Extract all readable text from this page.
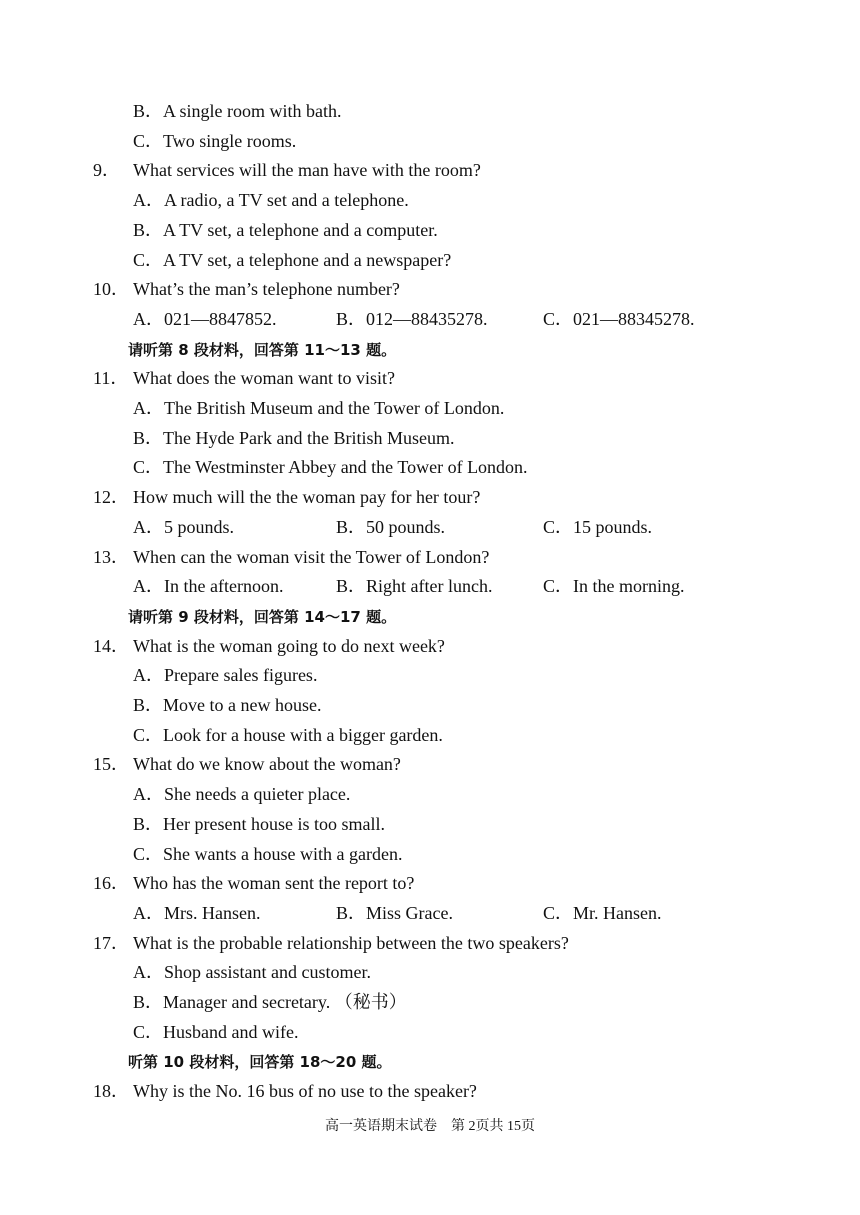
B．A single room with bath.
C．Two single rooms.
9． What services will the man have with the room?
A．A radio, a TV set and a telephone.
B．A TV set, a telephone and a computer.
C．A TV set, a telephone and a newspaper?
10． What’s the man’s telephone number?
A．021—8847852.	B．012—88435278.	C．021—88345278.
请听第 8 段材料，回答第 11～13 题。
11． What does the woman want to visit?
A．The British Museum and the Tower of London.
B．The Hyde Park and the British Museum.
C．The Westminster Abbey and the Tower of London.
12． How much will the the woman pay for her tour?
A．5 pounds.	B．50 pounds.	C．15 pounds.
13． When can the woman visit the Tower of London?
A．In the afternoon.	B．Right after lunch.	C．In the morning.
请听第 9 段材料，回答第 14～17 题。
14． What is the woman going to do next week?
A．Prepare sales figures.
B．Move to a new house.
C．Look for a house with a bigger garden.
15． What do we know about the woman?
A．She needs a quieter place.
B．Her present house is too small.
C．She wants a house with a garden.
16． Who has the woman sent the report to?
A．Mrs. Hansen.	B．Miss Grace.	C．Mr. Hansen.
17． What is the probable relationship between the two speakers?
A．Shop assistant and customer.
B．Manager and secretary. （秘书）
C．Husband and wife.
听第 10 段材料，回答第 18～20 题。
18． Why is the No. 16 bus of no use to the speaker?
高一英语期末试卷　第 2页共 15页
